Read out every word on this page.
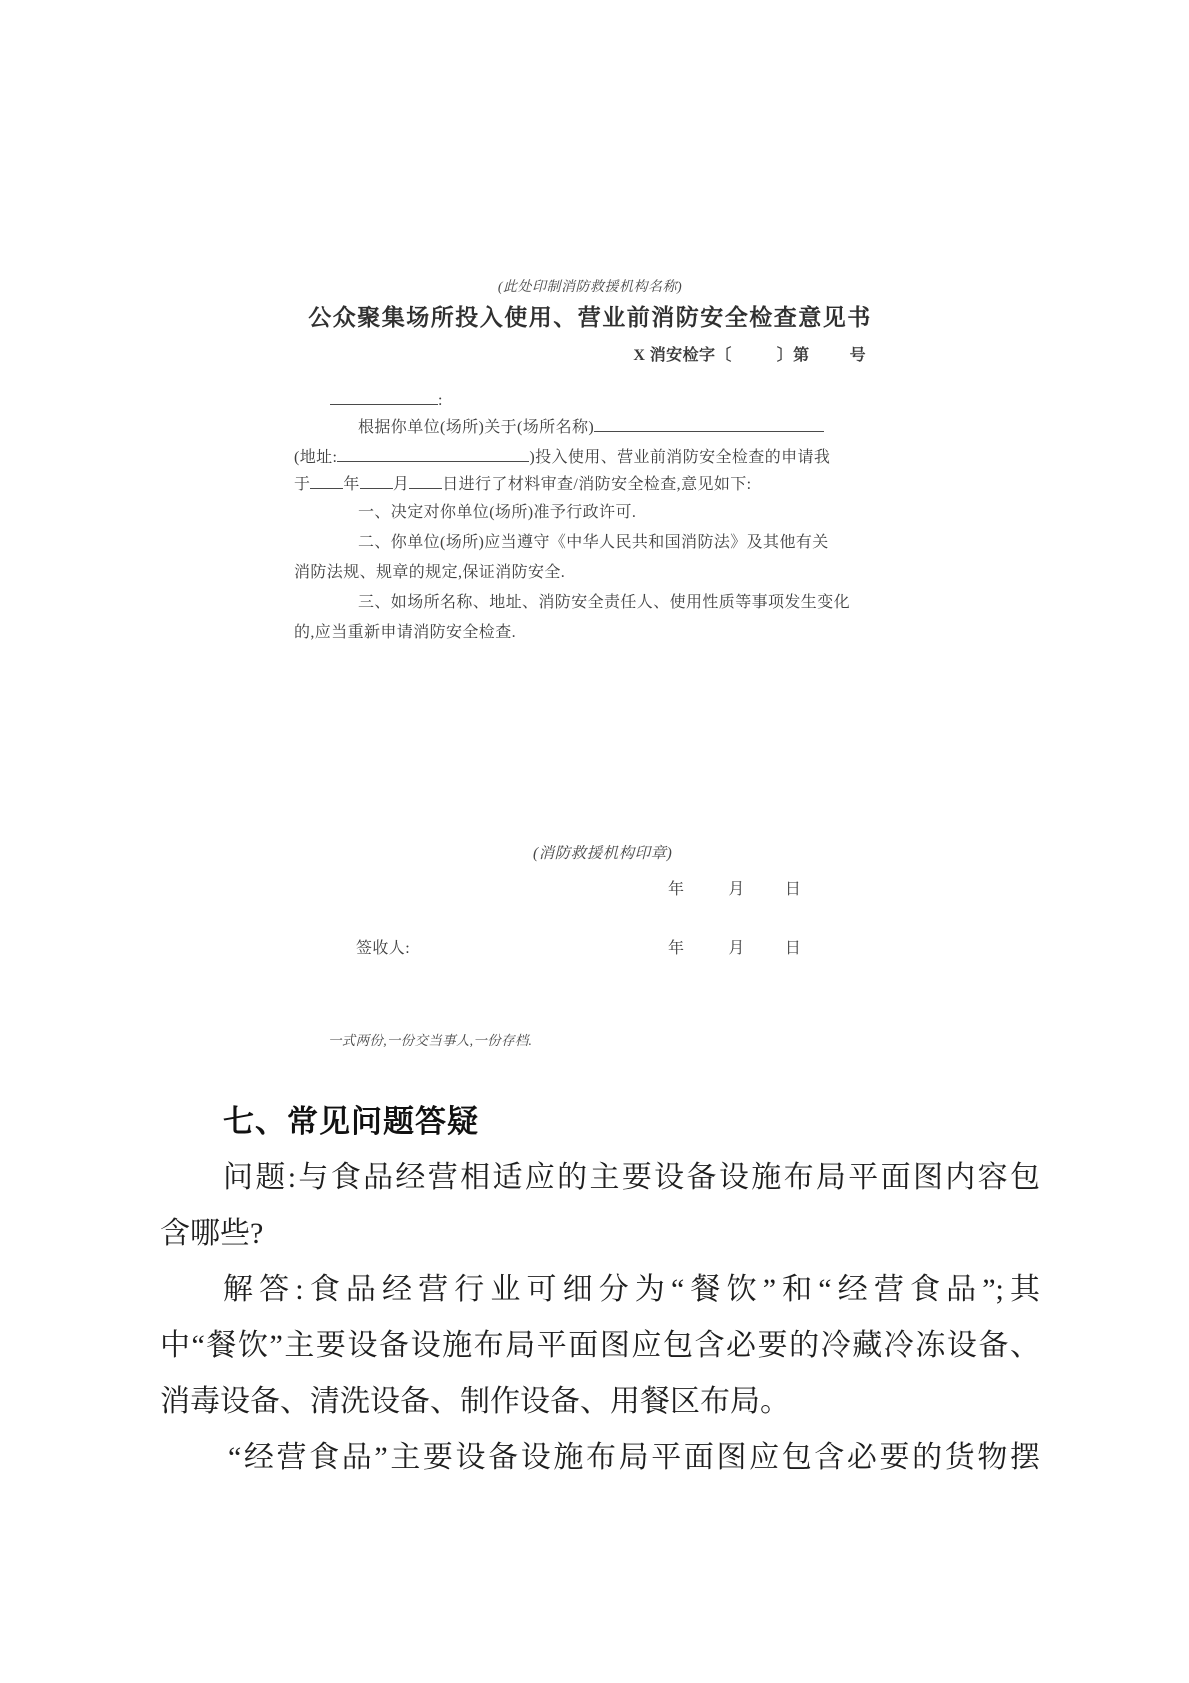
(此处印制消防救援机构名称)
公众聚集场所投入使用、营业前消防安全检查意见书
X 消安检字〔	〕第	号
:
根据你单位(场所)关于(场所名称)
(地址:	)投入使用、营业前消防安全检查的申请我
于 年 月 日进行了材料审查/消防安全检查,意见如下:
一、决定对你单位(场所)准予行政许可.
二、你单位(场所)应当遵守《中华人民共和国消防法》及其他有关
消防法规、规章的规定,保证消防安全.
三、如场所名称、地址、消防安全责任人、使用性质等事项发生变化
的,应当重新申请消防安全检查.
(消防救援机构印章)
年	月	日
签收人:	年	月	日
一式两份,一份交当事人,一份存档.
七、常见问题答疑
问题:与食品经营相适应的主要设备设施布局平面图内容包
含哪些?
解答:食品经营行业可细分为“餐饮”和“经营食品”;其
中“餐饮”主要设备设施布局平面图应包含必要的冷藏冷冻设备、
消毒设备、清洗设备、制作设备、用餐区布局。
“经营食品”主要设备设施布局平面图应包含必要的货物摆
